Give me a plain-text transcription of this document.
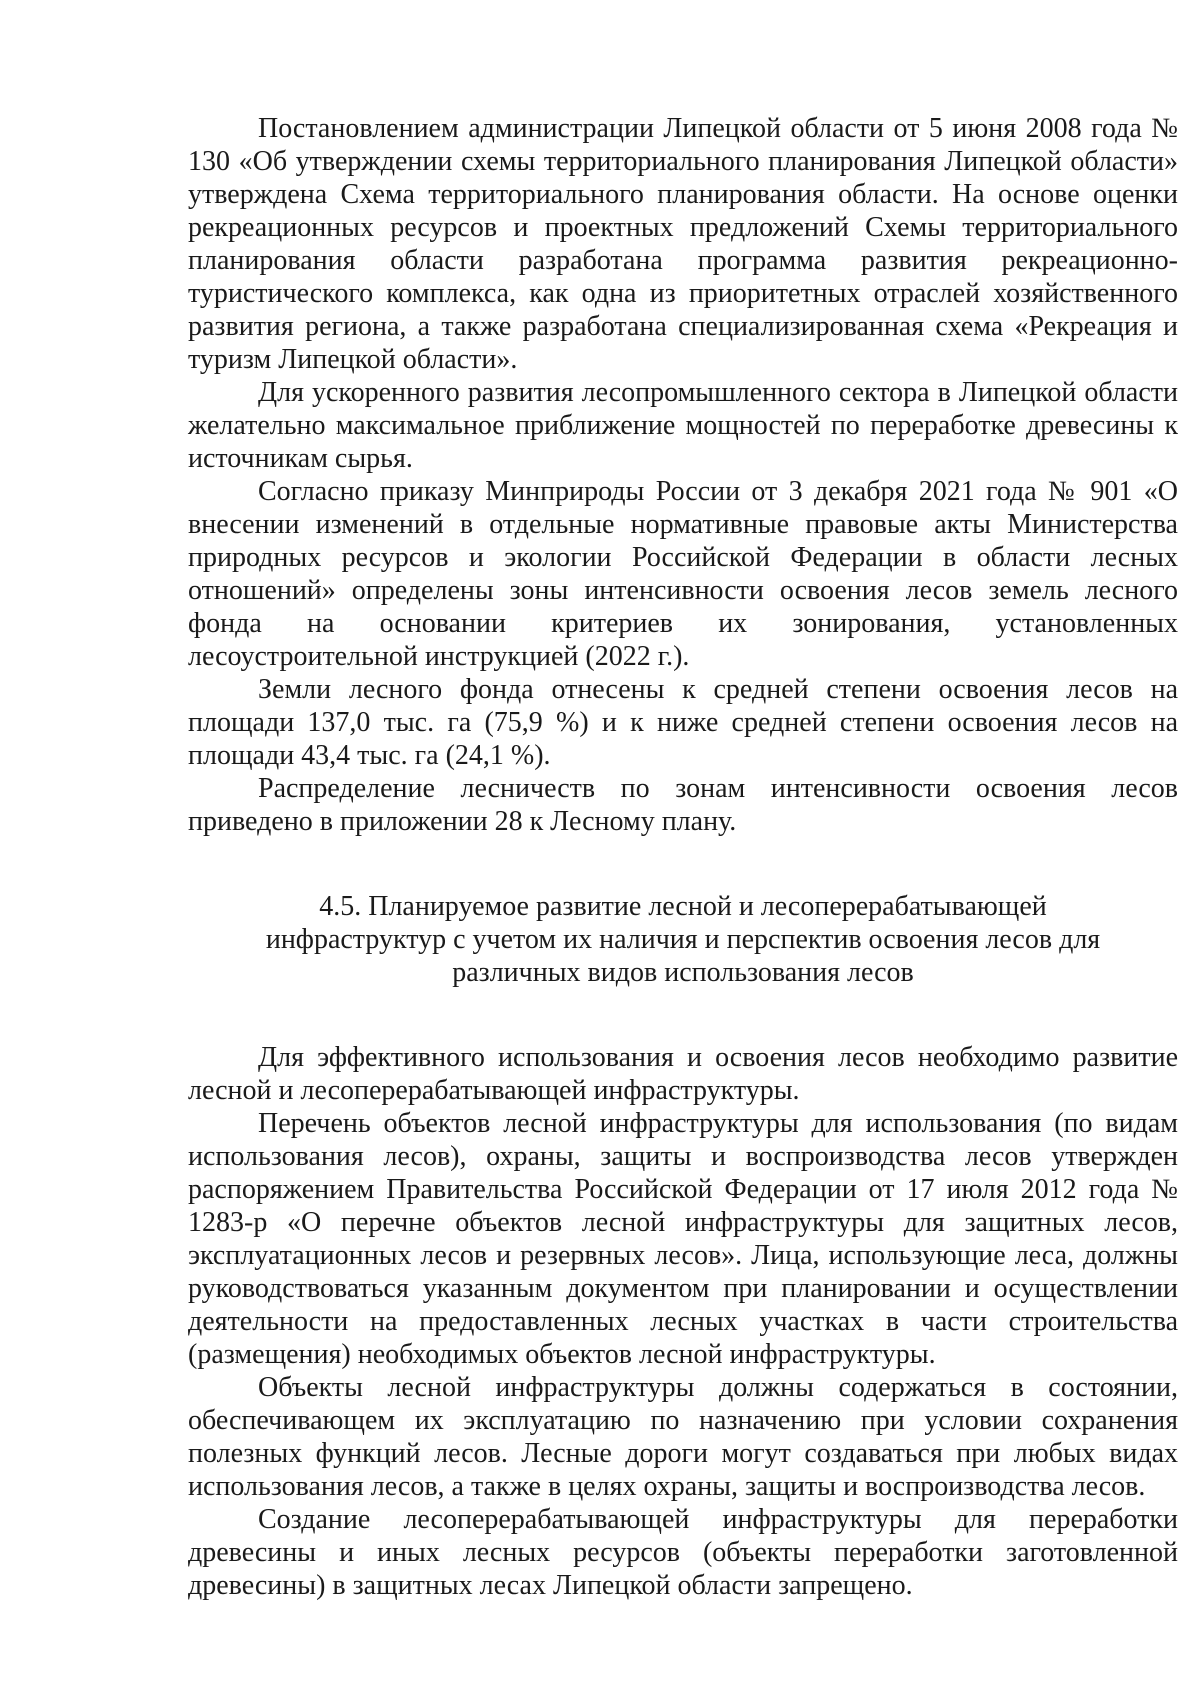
Постановлением администрации Липецкой области от 5 июня 2008 года № 130 «Об утверждении схемы территориального планирования Липецкой области» утверждена Схема территориального планирования области. На основе оценки рекреационных ресурсов и проектных предложений Схемы территориального планирования области разработана программа развития рекреационно-туристического комплекса, как одна из приоритетных отраслей хозяйственного развития региона, а также разработана специализированная схема «Рекреация и туризм Липецкой области».

Для ускоренного развития лесопромышленного сектора в Липецкой области желательно максимальное приближение мощностей по переработке древесины к источникам сырья.

Согласно приказу Минприроды России от 3 декабря 2021 года № 901 «О внесении изменений в отдельные нормативные правовые акты Министерства природных ресурсов и экологии Российской Федерации в области лесных отношений» определены зоны интенсивности освоения лесов земель лесного фонда на основании критериев их зонирования, установленных лесоустроительной инструкцией (2022 г.).

Земли лесного фонда отнесены к средней степени освоения лесов на площади 137,0 тыс. га (75,9 %) и к ниже средней степени освоения лесов на площади 43,4 тыс. га (24,1 %).

Распределение лесничеств по зонам интенсивности освоения лесов приведено в приложении 28 к Лесному плану.

4.5. Планируемое развитие лесной и лесоперерабатывающей инфраструктур с учетом их наличия и перспектив освоения лесов для различных видов использования лесов

Для эффективного использования и освоения лесов необходимо развитие лесной и лесоперерабатывающей инфраструктуры.

Перечень объектов лесной инфраструктуры для использования (по видам использования лесов), охраны, защиты и воспроизводства лесов утвержден распоряжением Правительства Российской Федерации от 17 июля 2012 года № 1283-р «О перечне объектов лесной инфраструктуры для защитных лесов, эксплуатационных лесов и резервных лесов». Лица, использующие леса, должны руководствоваться указанным документом при планировании и осуществлении деятельности на предоставленных лесных участках в части строительства (размещения) необходимых объектов лесной инфраструктуры.

Объекты лесной инфраструктуры должны содержаться в состоянии, обеспечивающем их эксплуатацию по назначению при условии сохранения полезных функций лесов. Лесные дороги могут создаваться при любых видах использования лесов, а также в целях охраны, защиты и воспроизводства лесов.

Создание лесоперерабатывающей инфраструктуры для переработки древесины и иных лесных ресурсов (объекты переработки заготовленной древесины) в защитных лесах Липецкой области запрещено.
